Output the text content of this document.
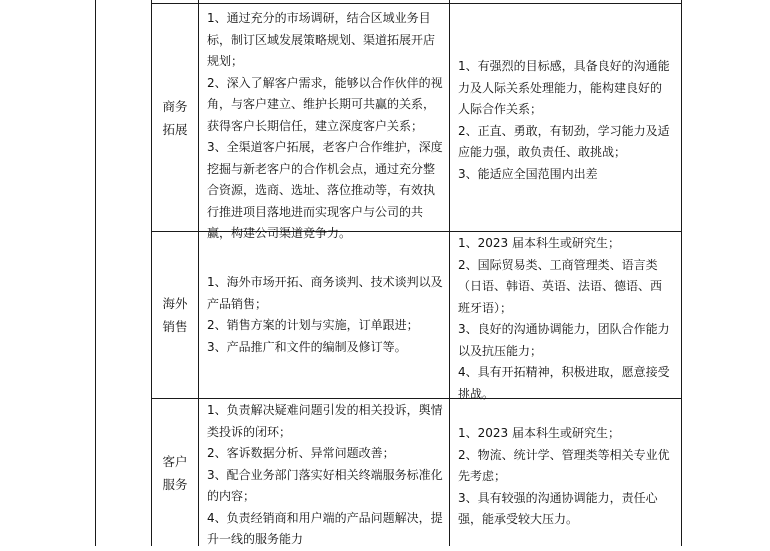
商务拓展
1、通过充分的市场调研，结合区域业务目
标，制订区域发展策略规划、渠道拓展开店
规划；
2、深入了解客户需求，能够以合作伙伴的视
角，与客户建立、维护长期可共赢的关系，
获得客户长期信任，建立深度客户关系；
3、全渠道客户拓展，老客户合作维护，深度
挖掘与新老客户的合作机会点，通过充分整
合资源，选商、选址、落位推动等，有效执
行推进项目落地进而实现客户与公司的共
赢，构建公司渠道竞争力。
1、有强烈的目标感，具备良好的沟通能
力及人际关系处理能力，能构建良好的
人际合作关系；
2、正直、勇敢，有韧劲，学习能力及适
应能力强，敢负责任、敢挑战；
3、能适应全国范围内出差
海外销售
1、海外市场开拓、商务谈判、技术谈判以及
产品销售；
2、销售方案的计划与实施，订单跟进；
3、产品推广和文件的编制及修订等。
1、2023 届本科生或研究生；
2、国际贸易类、工商管理类、语言类
（日语、韩语、英语、法语、德语、西
班牙语）；
3、良好的沟通协调能力，团队合作能力
以及抗压能力；
4、具有开拓精神，积极进取，愿意接受
挑战。
客户服务
1、负责解决疑难问题引发的相关投诉，舆情
类投诉的闭环；
2、客诉数据分析、异常问题改善；
3、配合业务部门落实好相关终端服务标准化
的内容；
4、负责经销商和用户端的产品问题解决，提
升一线的服务能力
1、2023 届本科生或研究生；
2、物流、统计学、管理类等相关专业优
先考虑；
3、具有较强的沟通协调能力，责任心
强，能承受较大压力。
